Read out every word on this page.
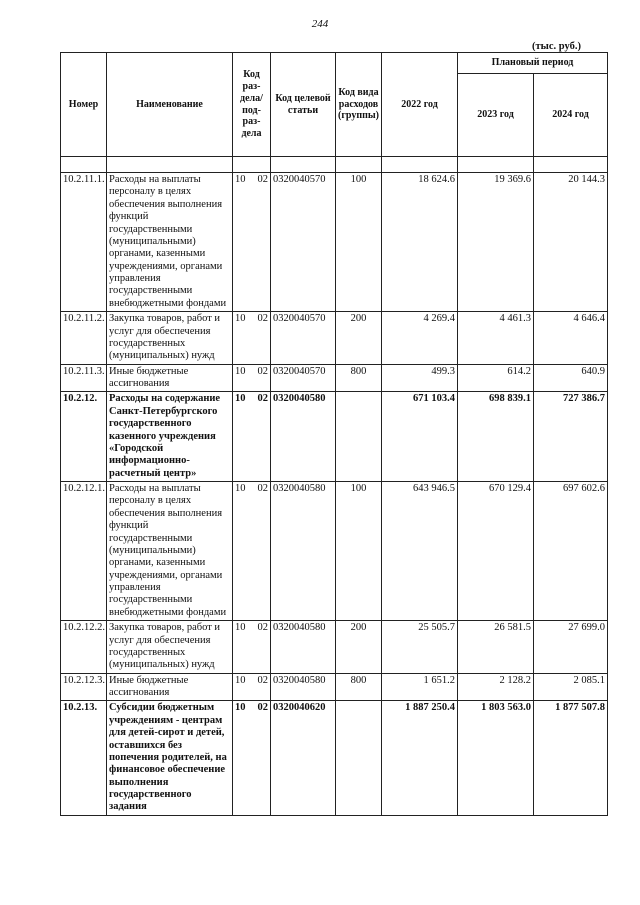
244
(тыс. руб.)
Номер	Наименование	Код раз-дела/ под-раз-дела	Код целевой статьи	Код вида расходов (группы)	2022 год	Плановый период	
						2023 год	2024 год

10.2.11.1.	Расходы на выплаты персоналу в целях обеспечения выполнения функций государственными (муниципальными) органами, казенными учреждениями, органами управления государственными внебюджетными фондами	10 02	0320040570	100	18 624.6	19 369.6	20 144.3
10.2.11.2.	Закупка товаров, работ и услуг для обеспечения государственных (муниципальных) нужд	10 02	0320040570	200	4 269.4	4 461.3	4 646.4
10.2.11.3.	Иные бюджетные ассигнования	10 02	0320040570	800	499.3	614.2	640.9
10.2.12.	Расходы на содержание Санкт-Петербургского государственного казенного учреждения «Городской информационно-расчетный центр»	10 02	0320040580		671 103.4	698 839.1	727 386.7
10.2.12.1.	Расходы на выплаты персоналу в целях обеспечения выполнения функций государственными (муниципальными) органами, казенными учреждениями, органами управления государственными внебюджетными фондами	10 02	0320040580	100	643 946.5	670 129.4	697 602.6
10.2.12.2.	Закупка товаров, работ и услуг для обеспечения государственных (муниципальных) нужд	10 02	0320040580	200	25 505.7	26 581.5	27 699.0
10.2.12.3.	Иные бюджетные ассигнования	10 02	0320040580	800	1 651.2	2 128.2	2 085.1
10.2.13.	Субсидии бюджетным учреждениям - центрам для детей-сирот и детей, оставшихся без попечения родителей, на финансовое обеспечение выполнения государственного задания	10 02	0320040620		1 887 250.4	1 803 563.0	1 877 507.8
